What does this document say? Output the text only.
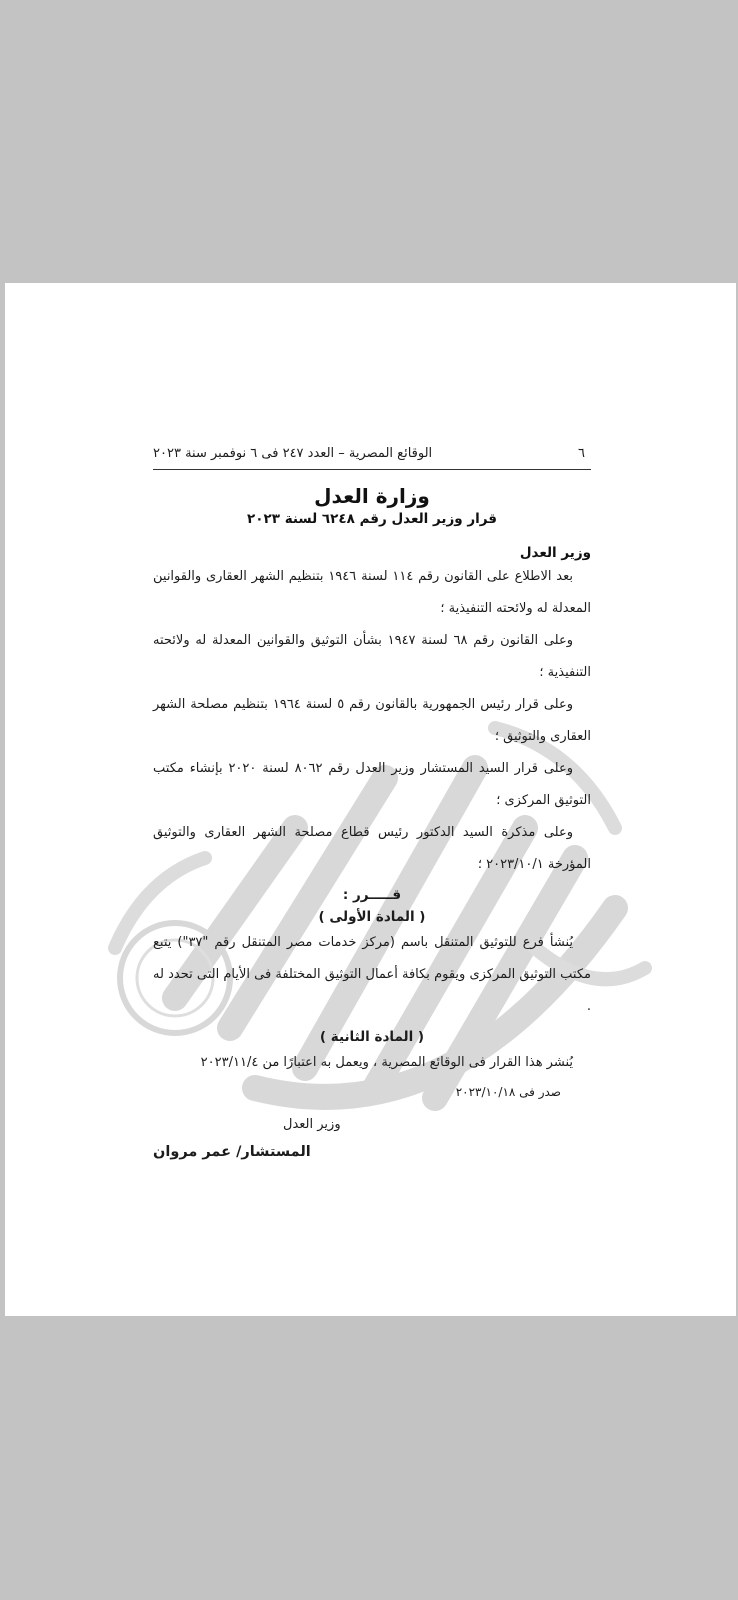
٦
الوقائع المصرية – العدد ٢٤٧ فى ٦ نوفمبر سنة ٢٠٢٣
وزارة العدل
قرار وزير العدل رقم ٦٢٤٨ لسنة ٢٠٢٣
وزير العدل

بعد الاطلاع على القانون رقم ١١٤ لسنة ١٩٤٦ بتنظيم الشهر العقارى والقوانين المعدلة له ولائحته التنفيذية ؛

وعلى القانون رقم ٦٨ لسنة ١٩٤٧ بشأن التوثيق والقوانين المعدلة له ولائحته التنفيذية ؛

وعلى قرار رئيس الجمهورية بالقانون رقم ٥ لسنة ١٩٦٤ بتنظيم مصلحة الشهر العقارى والتوثيق ؛

وعلى قرار السيد المستشار وزير العدل رقم ٨٠٦٢ لسنة ٢٠٢٠ بإنشاء مكتب التوثيق المركزى ؛

وعلى مذكرة السيد الدكتور رئيس قطاع مصلحة الشهر العقارى والتوثيق المؤرخة ٢٠٢٣/١٠/١ ؛

قـــــرر :
( المادة الأولى )

يُنشأ فرع للتوثيق المتنقل باسم (مركز خدمات مصر المتنقل رقم "٣٧") يتبع مكتب التوثيق المركزى ويقوم بكافة أعمال التوثيق المختلفة فى الأيام التى تحدد له .

( المادة الثانية )

يُنشر هذا القرار فى الوقائع المصرية ، ويعمل به اعتبارًا من ٢٠٢٣/١١/٤

صدر فى ٢٠٢٣/١٠/١٨
وزير العدل
المستشار/ عمر مروان
